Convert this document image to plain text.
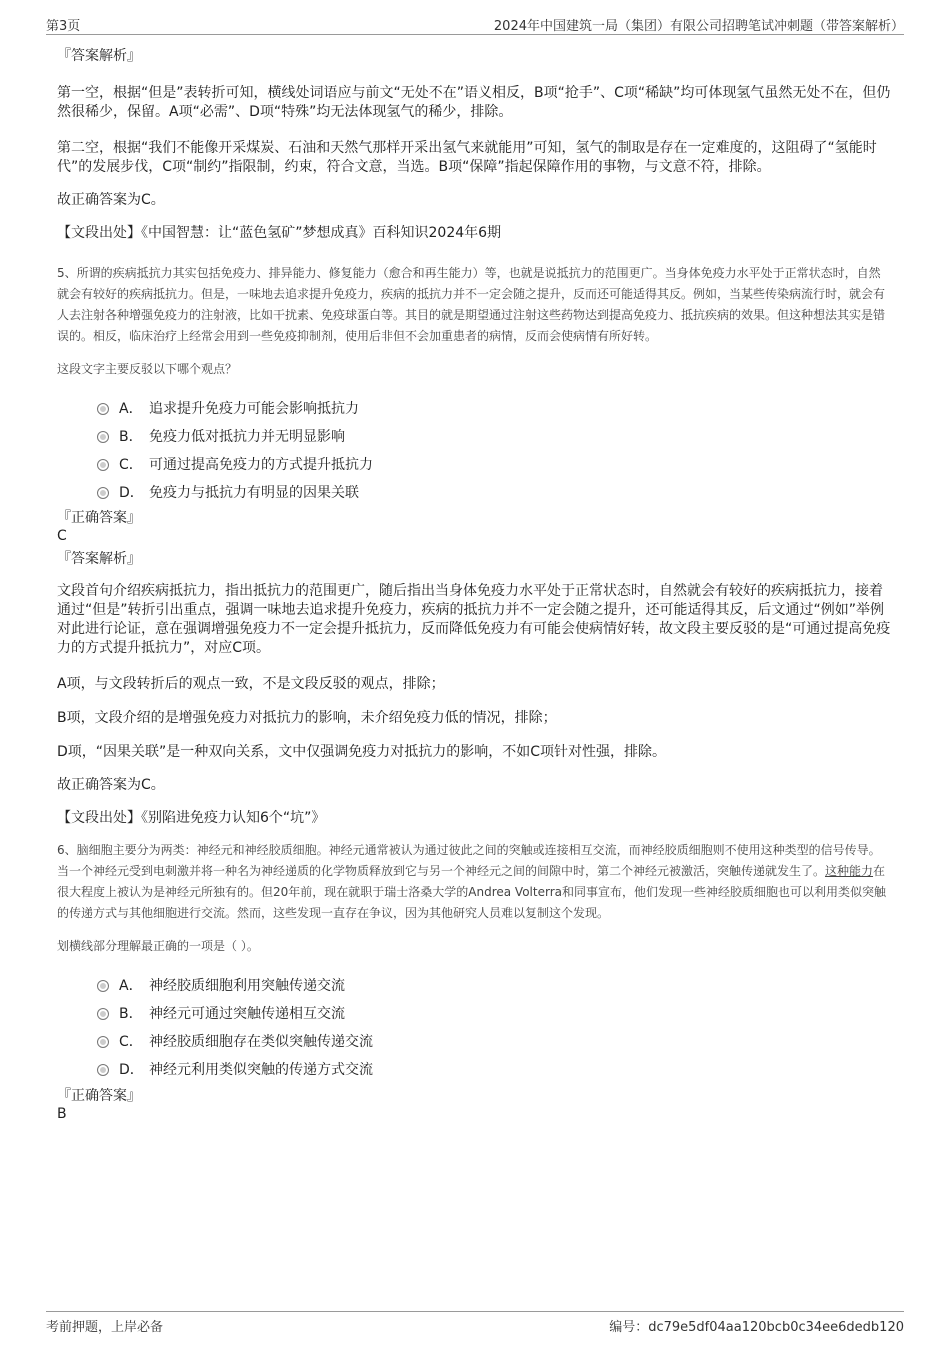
第3页	2024年中国建筑一局（集团）有限公司招聘笔试冲刺题（带答案解析）
『答案解析』

第一空，根据“但是”表转折可知，横线处词语应与前文“无处不在”语义相反，B项“抢手”、C项“稀缺”均可体现氢气虽然无处不在，但仍然很稀少，保留。A项“必需”、D项“特殊”均无法体现氢气的稀少，排除。

第二空，根据“我们不能像开采煤炭、石油和天然气那样开采出氢气来就能用”可知，氢气的制取是存在一定难度的，这阻碍了“氢能时代”的发展步伐，C项“制约”指限制，约束，符合文意，当选。B项“保障”指起保障作用的事物，与文意不符，排除。

故正确答案为C。

【文段出处】《中国智慧：让“蓝色氢矿”梦想成真》百科知识2024年6期

5、所谓的疾病抵抗力其实包括免疫力、排异能力、修复能力（愈合和再生能力）等，也就是说抵抗力的范围更广。当身体免疫力水平处于正常状态时，自然就会有较好的疾病抵抗力。但是，一味地去追求提升免疫力，疾病的抵抗力并不一定会随之提升，反而还可能适得其反。例如，当某些传染病流行时，就会有人去注射各种增强免疫力的注射液，比如干扰素、免疫球蛋白等。其目的就是期望通过注射这些药物达到提高免疫力、抵抗疾病的效果。但这种想法其实是错误的。相反，临床治疗上经常会用到一些免疫抑制剂，使用后非但不会加重患者的病情，反而会使病情有所好转。

这段文字主要反驳以下哪个观点？

A． 追求提升免疫力可能会影响抵抗力
B． 免疫力低对抵抗力并无明显影响
C． 可通过提高免疫力的方式提升抵抗力
D． 免疫力与抵抗力有明显的因果关联
『正确答案』
C
『答案解析』

文段首句介绍疾病抵抗力，指出抵抗力的范围更广，随后指出当身体免疫力水平处于正常状态时，自然就会有较好的疾病抵抗力，接着通过“但是”转折引出重点，强调一味地去追求提升免疫力，疾病的抵抗力并不一定会随之提升，还可能适得其反，后文通过“例如”举例对此进行论证，意在强调增强免疫力不一定会提升抵抗力，反而降低免疫力有可能会使病情好转，故文段主要反驳的是“可通过提高免疫力的方式提升抵抗力”，对应C项。

A项，与文段转折后的观点一致，不是文段反驳的观点，排除；

B项，文段介绍的是增强免疫力对抵抗力的影响，未介绍免疫力低的情况，排除；

D项，“因果关联”是一种双向关系，文中仅强调免疫力对抵抗力的影响，不如C项针对性强，排除。

故正确答案为C。

【文段出处】《别陷进免疫力认知6个“坑”》

6、脑细胞主要分为两类：神经元和神经胶质细胞。神经元通常被认为通过彼此之间的突触或连接相互交流，而神经胶质细胞则不使用这种类型的信号传导。当一个神经元受到电刺激并将一种名为神经递质的化学物质释放到它与另一个神经元之间的间隙中时，第二个神经元被激活，突触传递就发生了。这种能力在很大程度上被认为是神经元所独有的。但20年前，现在就职于瑞士洛桑大学的Andrea Volterra和同事宣布，他们发现一些神经胶质细胞也可以利用类似突触的传递方式与其他细胞进行交流。然而，这些发现一直存在争议，因为其他研究人员难以复制这个发现。

划横线部分理解最正确的一项是（ ）。

A． 神经胶质细胞利用突触传递交流
B． 神经元可通过突触传递相互交流
C． 神经胶质细胞存在类似突触传递交流
D． 神经元利用类似突触的传递方式交流
『正确答案』
B
考前押题，上岸必备	编号：dc79e5df04aa120bcb0c34ee6dedb120
